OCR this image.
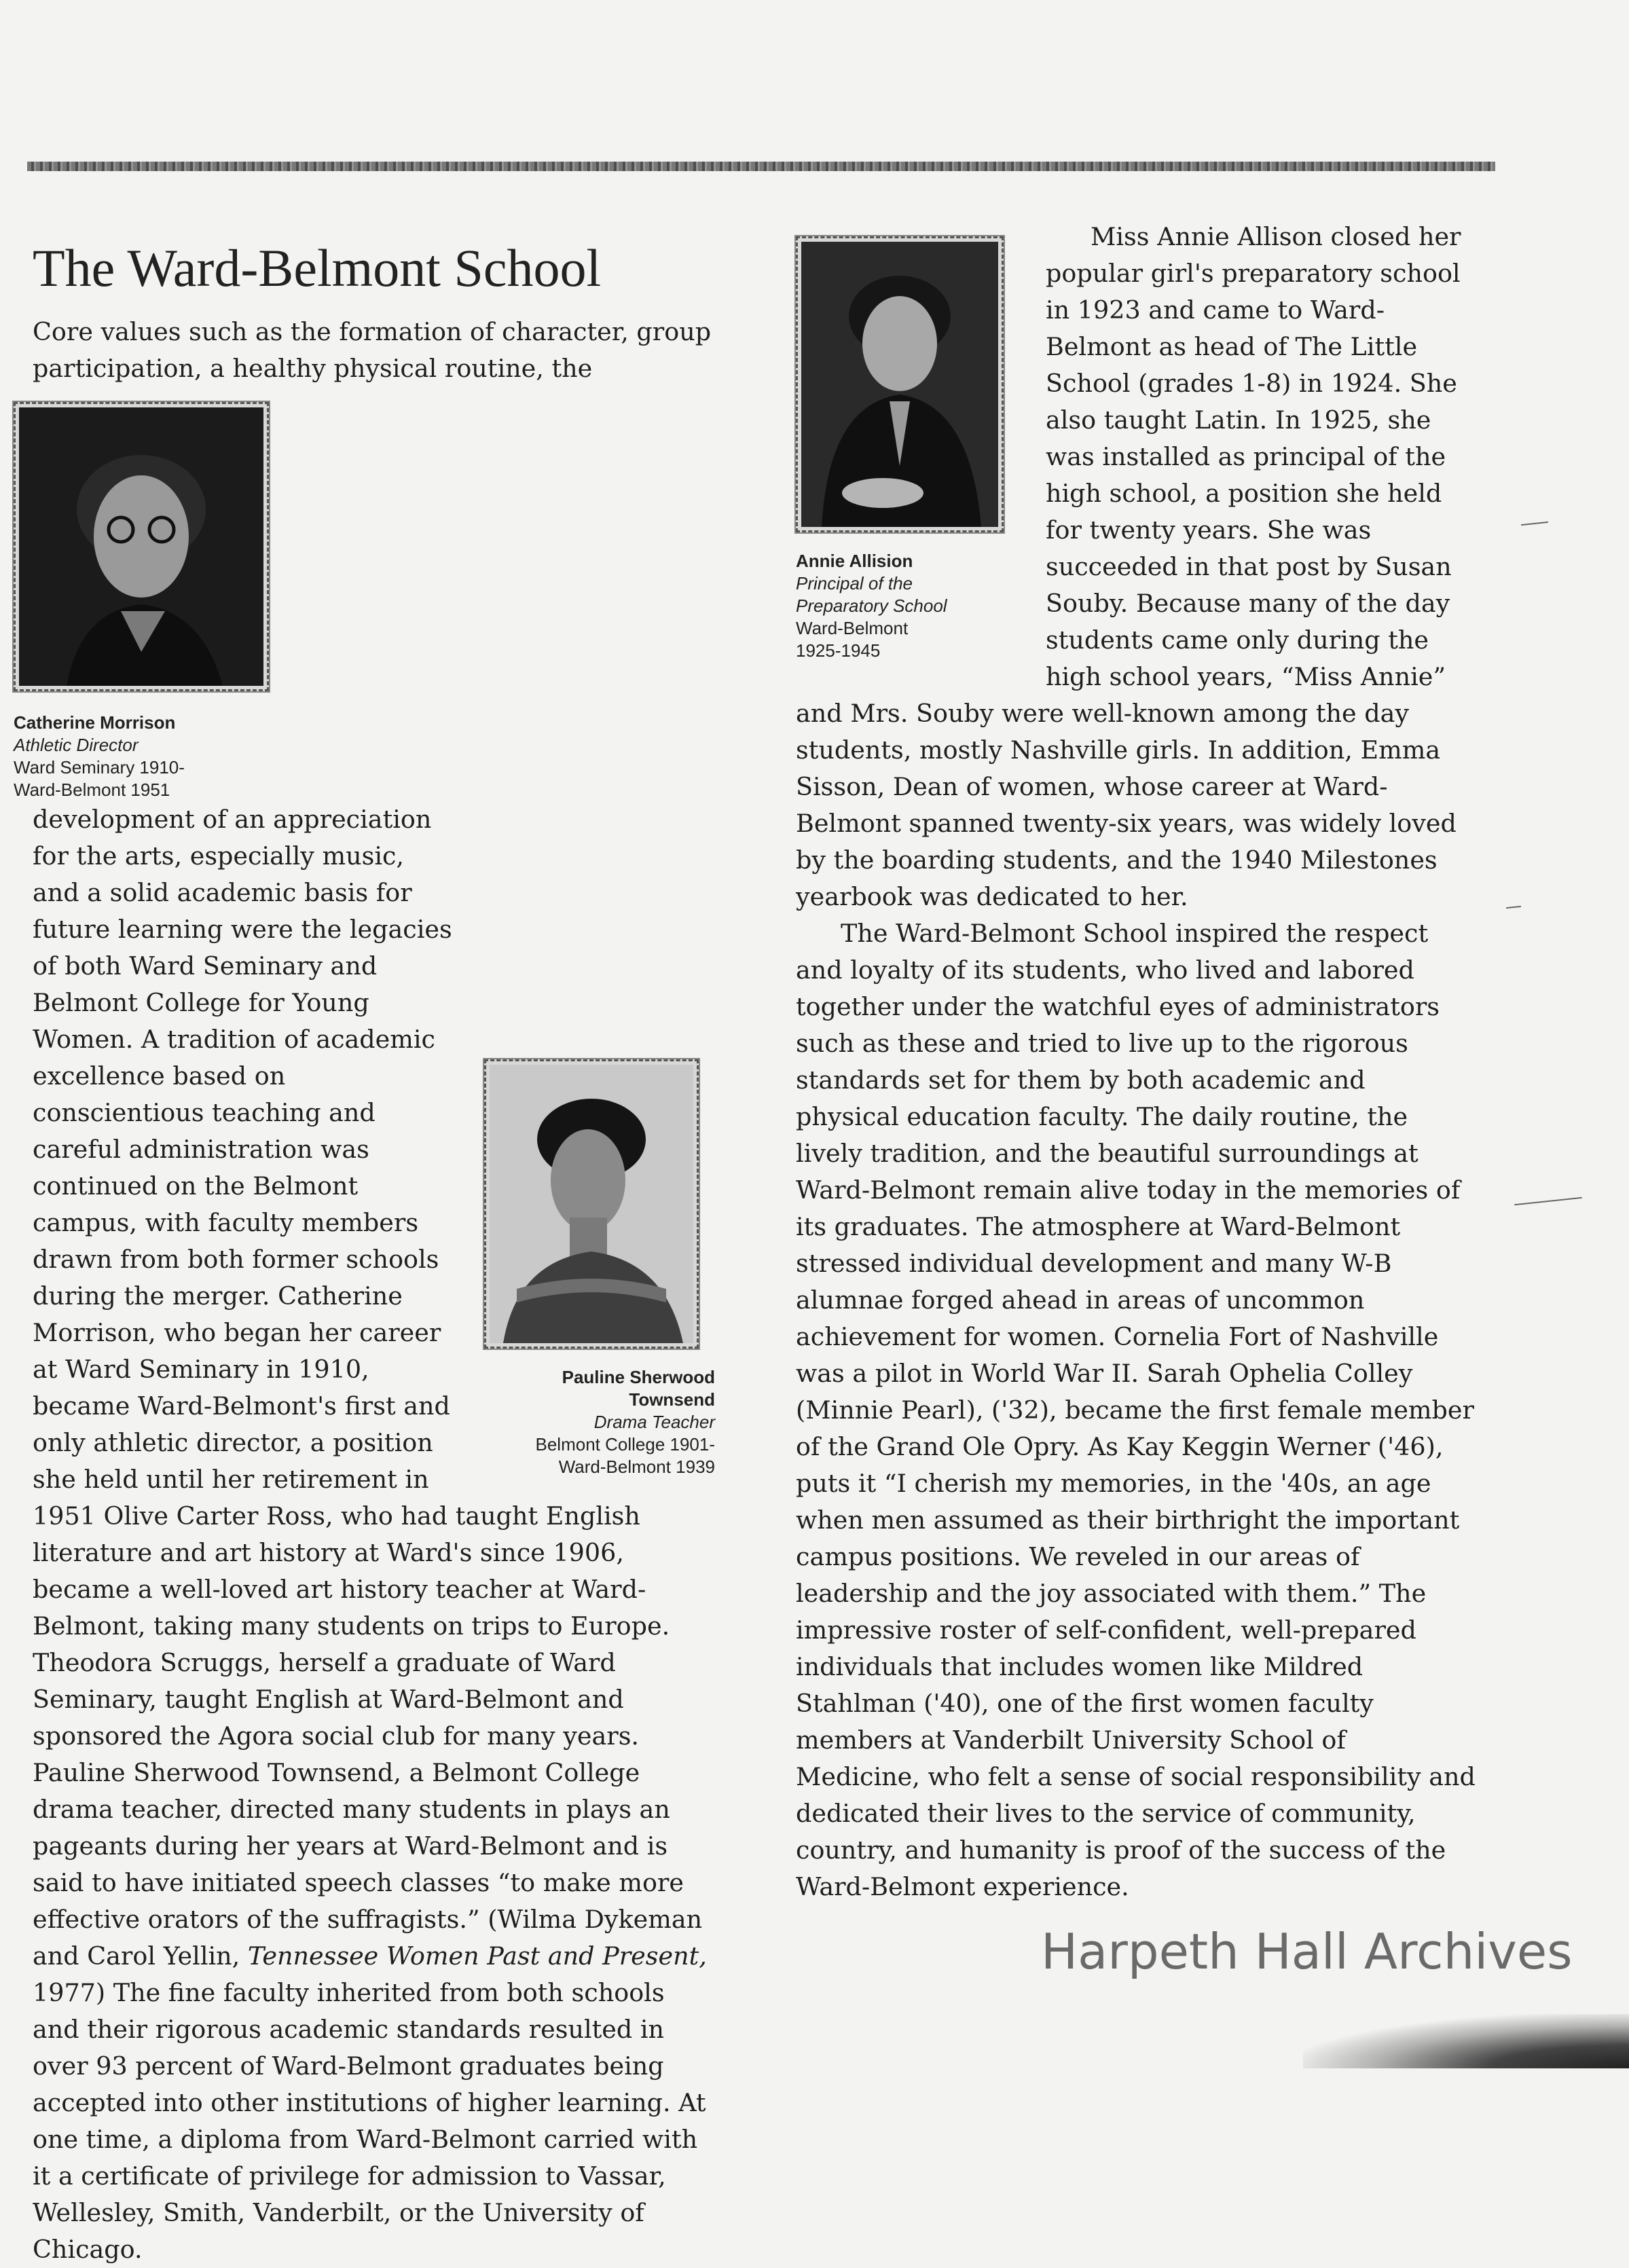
The Ward-Belmont School
Catherine Morrison
Athletic Director
Ward Seminary 1910-
Ward-Belmont 1951
Pauline Sherwood
Townsend
Drama Teacher
Belmont College 1901-
Ward-Belmont 1939

Core values such as the formation of character, group participation, a healthy physical routine, the development of an appreciation for the arts, especially music, and a solid academic basis for future learning were the legacies of both Ward Seminary and Belmont College for Young Women. A tradition of academic excellence based on conscientious teaching and careful administration was continued on the Belmont campus, with faculty members drawn from both former schools during the merger. Catherine Morrison, who began her career at Ward Seminary in 1910, became Ward-Belmont's first and only athletic director, a position she held until her retirement in 1951 Olive Carter Ross, who had taught English literature and art history at Ward's since 1906, became a well-loved art history teacher at Ward-Belmont, taking many students on trips to Europe. Theodora Scruggs, herself a graduate of Ward Seminary, taught English at Ward-Belmont and sponsored the Agora social club for many years. Pauline Sherwood Townsend, a Belmont College drama teacher, directed many students in plays an pageants during her years at Ward-Belmont and is said to have initiated speech classes “to make more effective orators of the suffragists.” (Wilma Dykeman and Carol Yellin, Tennessee Women Past and Present, 1977) The fine faculty inherited from both schools and their rigorous academic standards resulted in over 93 percent of Ward-Belmont graduates being accepted into other institutions of higher learning. At one time, a diploma from Ward-Belmont carried with it a certificate of privilege for admission to Vassar, Wellesley, Smith, Vanderbilt, or the University of Chicago.

Annie Allision
Principal of the
Preparatory School
Ward-Belmont
1925-1945

Miss Annie Allison closed her popular girl's preparatory school in 1923 and came to Ward-Belmont as head of The Little School (grades 1-8) in 1924. She also taught Latin. In 1925, she was installed as principal of the high school, a position she held for twenty years. She was succeeded in that post by Susan Souby. Because many of the day students came only during the high school years, “Miss Annie” and Mrs. Souby were well-known among the day students, mostly Nashville girls. In addition, Emma Sisson, Dean of women, whose career at Ward-Belmont spanned twenty-six years, was widely loved by the boarding students, and the 1940 Milestones yearbook was dedicated to her.

The Ward-Belmont School inspired the respect and loyalty of its students, who lived and labored together under the watchful eyes of administrators such as these and tried to live up to the rigorous standards set for them by both academic and physical education faculty. The daily routine, the lively tradition, and the beautiful surroundings at Ward-Belmont remain alive today in the memories of its graduates. The atmosphere at Ward-Belmont stressed individual development and many W-B alumnae forged ahead in areas of uncommon achievement for women. Cornelia Fort of Nashville was a pilot in World War II. Sarah Ophelia Colley (Minnie Pearl), ('32), became the first female member of the Grand Ole Opry. As Kay Keggin Werner ('46), puts it “I cherish my memories, in the '40s, an age when men assumed as their birthright the important campus positions. We reveled in our areas of leadership and the joy associated with them.” The impressive roster of self-confident, well-prepared individuals that includes women like Mildred Stahlman ('40), one of the first women faculty members at Vanderbilt University School of Medicine, who felt a sense of social responsibility and dedicated their lives to the service of community, country, and humanity is proof of the success of the Ward-Belmont experience.

Harpeth Hall Archives
